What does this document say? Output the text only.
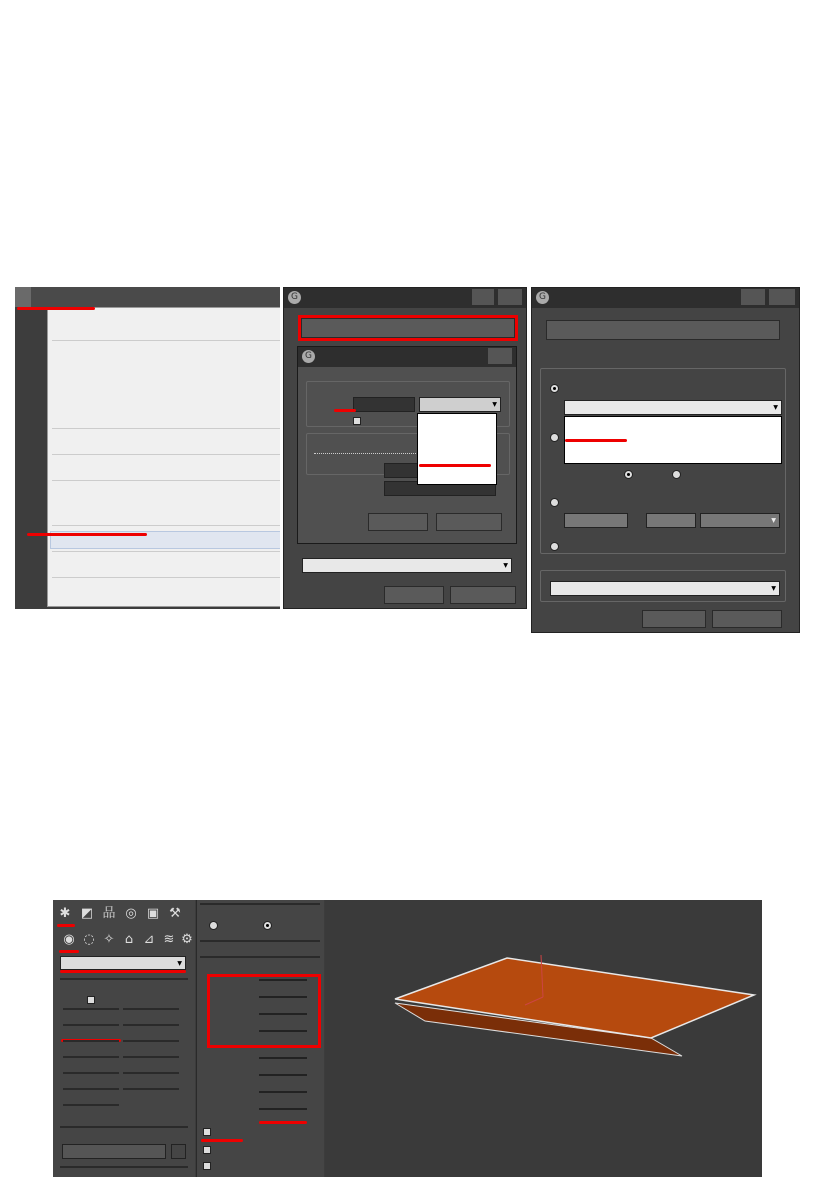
G
G
▾
▾
G
▾
▾
▾
✱ ◩ 品 ◎ ▣ ⚒
◉ ◌ ✧ ⌂ ⊿ ≋ ⚙
▾
